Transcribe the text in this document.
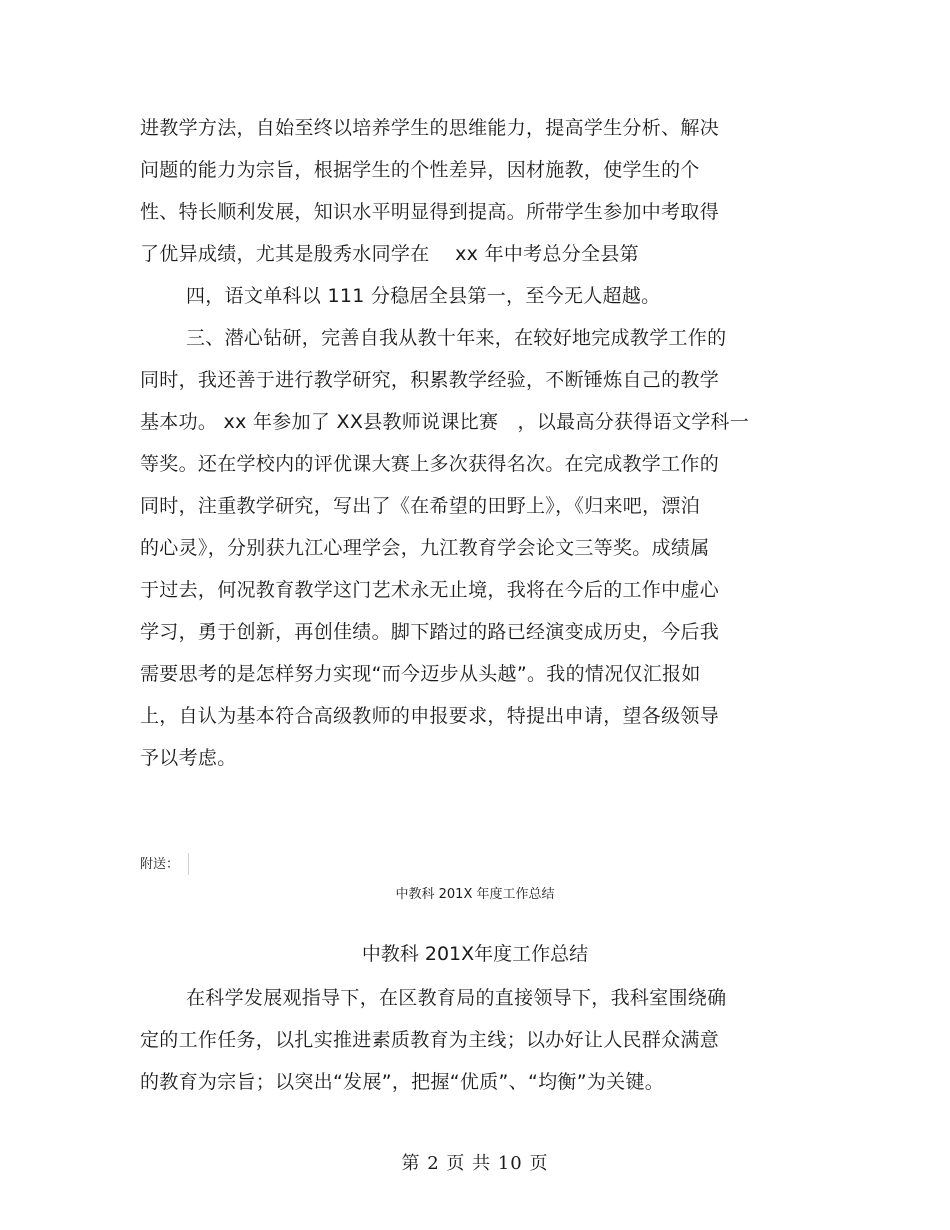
进教学方法，自始至终以培养学生的思维能力，提高学生分析、解决
问题的能力为宗旨，根据学生的个性差异，因材施教，使学生的个
性、特长顺利发展，知识水平明显得到提高。所带学生参加中考取得
了优异成绩，尤其是殷秀水同学在　 xx 年中考总分全县第
四，语文单科以 111 分稳居全县第一，至今无人超越。
三、潜心钻研，完善自我从教十年来，在较好地完成教学工作的
同时，我还善于进行教学研究，积累教学经验，不断锤炼自己的教学
基本功。 xx 年参加了 XX县教师说课比赛　，以最高分获得语文学科一
等奖。还在学校内的评优课大赛上多次获得名次。在完成教学工作的
同时，注重教学研究，写出了《在希望的田野上》，《归来吧，漂泊
的心灵》，分别获九江心理学会，九江教育学会论文三等奖。成绩属
于过去，何况教育教学这门艺术永无止境，我将在今后的工作中虚心
学习，勇于创新，再创佳绩。脚下踏过的路已经演变成历史，今后我
需要思考的是怎样努力实现“而今迈步从头越”。我的情况仅汇报如
上，自认为基本符合高级教师的申报要求，特提出申请，望各级领导
予以考虑。
附送：
中教科 201X 年度工作总结
中教科 201X年度工作总结
在科学发展观指导下，在区教育局的直接领导下，我科室围绕确
定的工作任务，以扎实推进素质教育为主线；以办好让人民群众满意
的教育为宗旨；以突出“发展”，把握“优质”、“均衡”为关键。
第 2 页 共 10 页
